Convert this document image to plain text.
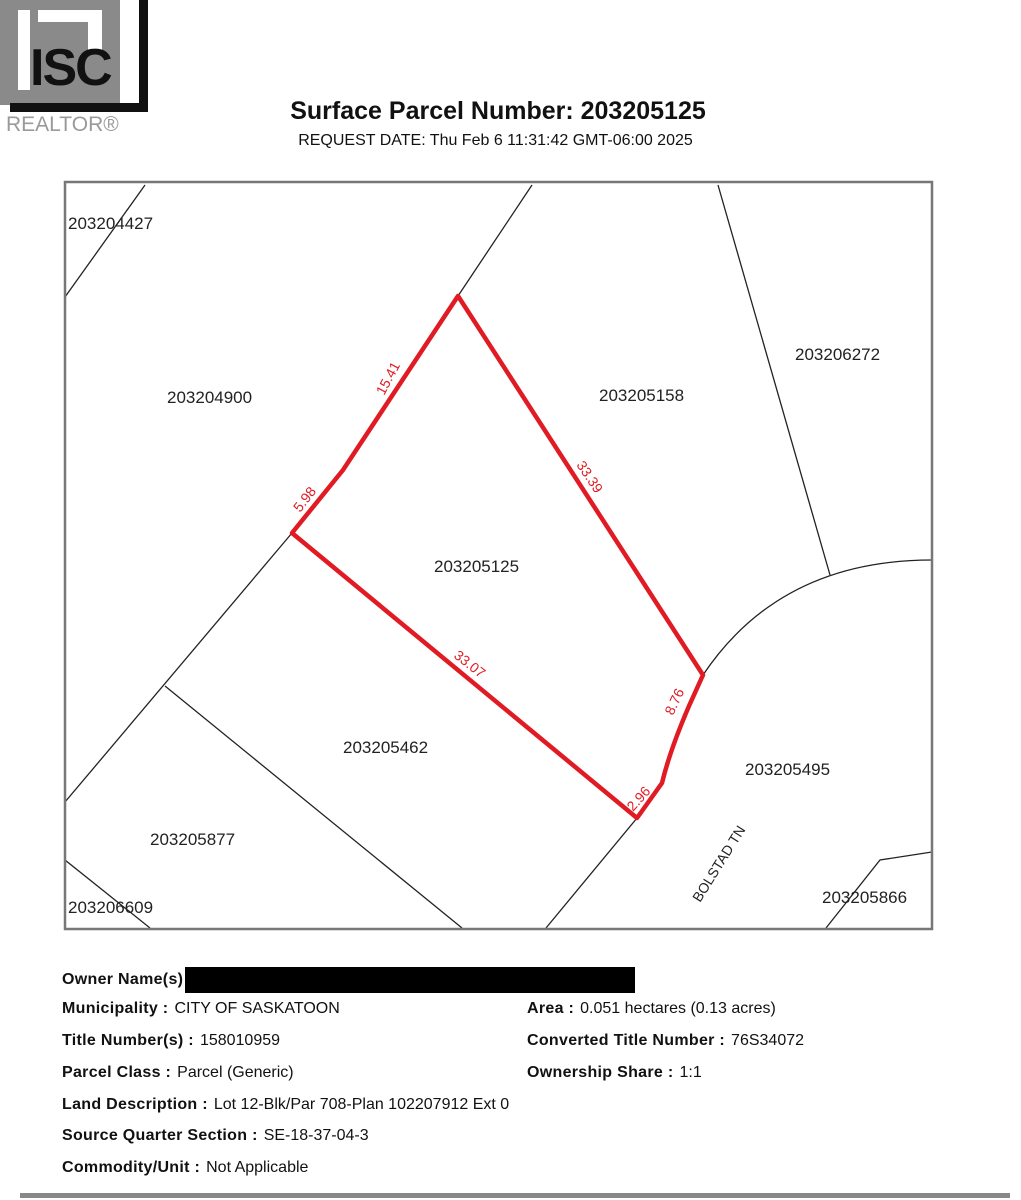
ISC
REALTOR®	Surface Parcel Number: 203205125
REQUEST DATE: Thu Feb 6 11:31:42 GMT-06:00 2025
203204427
203204900	203205158
203206272
203205125
203205462
203205495
203205877
203206609
203205866
BOLSTAD TN
15.41
33.39
5.98
33.07
8.76
2.96
Owner Name(s)
Municipality : CITY OF SASKATOON	Area : 0.051 hectares (0.13 acres)
Title Number(s) : 158010959	Converted Title Number : 76S34072
Parcel Class : Parcel (Generic)	Ownership Share : 1:1
Land Description : Lot 12-Blk/Par 708-Plan 102207912 Ext 0
Source Quarter Section : SE-18-37-04-3
Commodity/Unit : Not Applicable
